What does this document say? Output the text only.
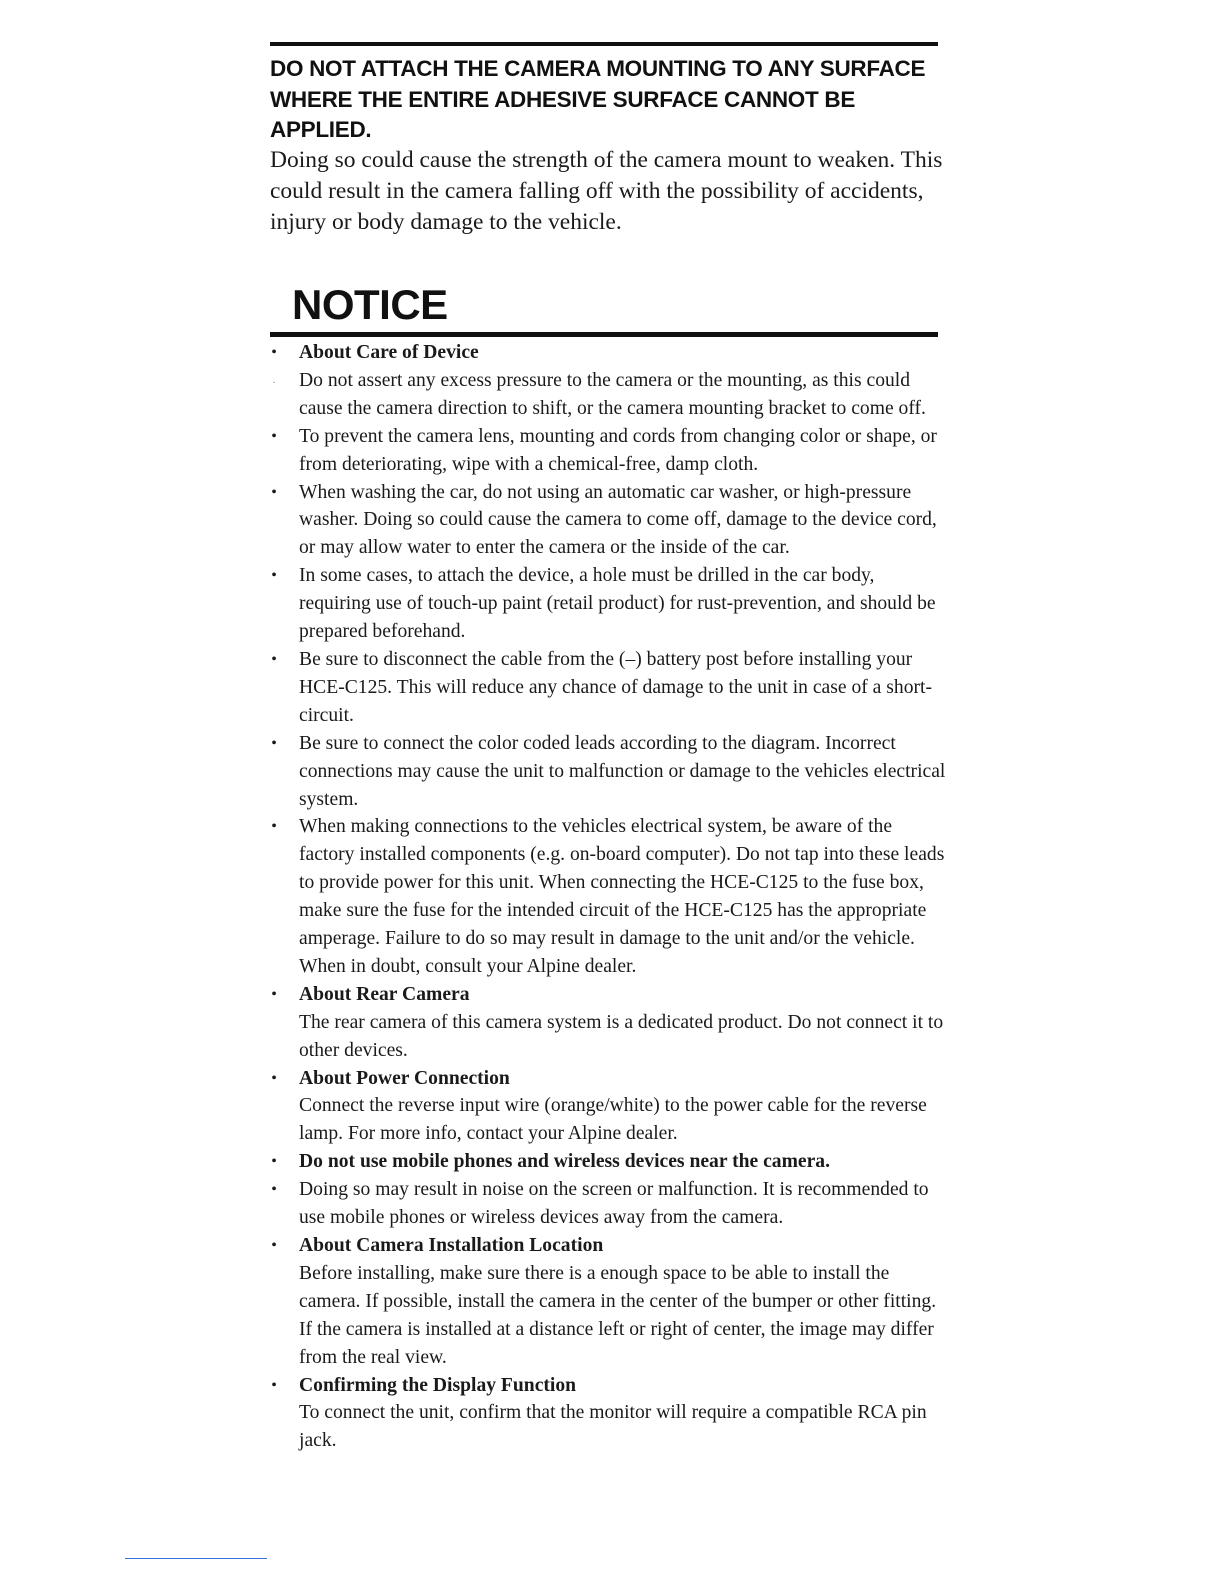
DO NOT ATTACH THE CAMERA MOUNTING TO ANY SURFACE WHERE THE ENTIRE ADHESIVE SURFACE CANNOT BE APPLIED.

Doing so could cause the strength of the camera mount to weaken. This could result in the camera falling off with the possibility of accidents, injury or body damage to the vehicle.

NOTICE
• About Care of Device
. Do not assert any excess pressure to the camera or the mounting, as this could cause the camera direction to shift, or the camera mounting bracket to come off.
• To prevent the camera lens, mounting and cords from changing color or shape, or from deteriorating, wipe with a chemical-free, damp cloth.
• When washing the car, do not using an automatic car washer, or high-pressure washer. Doing so could cause the camera to come off, damage to the device cord, or may allow water to enter the camera or the inside of the car.
• In some cases, to attach the device, a hole must be drilled in the car body, requiring use of touch-up paint (retail product) for rust-prevention, and should be prepared beforehand.
• Be sure to disconnect the cable from the (–) battery post before installing your HCE-C125. This will reduce any chance of damage to the unit in case of a short-circuit.
• Be sure to connect the color coded leads according to the diagram. Incorrect connections may cause the unit to malfunction or damage to the vehicles electrical system.
• When making connections to the vehicles electrical system, be aware of the factory installed components (e.g. on-board computer). Do not tap into these leads to provide power for this unit. When connecting the HCE-C125 to the fuse box, make sure the fuse for the intended circuit of the HCE-C125 has the appropriate amperage. Failure to do so may result in damage to the unit and/or the vehicle. When in doubt, consult your Alpine dealer.
• About Rear Camera
The rear camera of this camera system is a dedicated product. Do not connect it to other devices.
• About Power Connection
Connect the reverse input wire (orange/white) to the power cable for the reverse lamp. For more info, contact your Alpine dealer.
• Do not use mobile phones and wireless devices near the camera.
• Doing so may result in noise on the screen or malfunction. It is recommended to use mobile phones or wireless devices away from the camera.
• About Camera Installation Location
Before installing, make sure there is a enough space to be able to install the camera. If possible, install the camera in the center of the bumper or other fitting. If the camera is installed at a distance left or right of center, the image may differ from the real view.
• Confirming the Display Function
To connect the unit, confirm that the monitor will require a compatible RCA pin jack.
